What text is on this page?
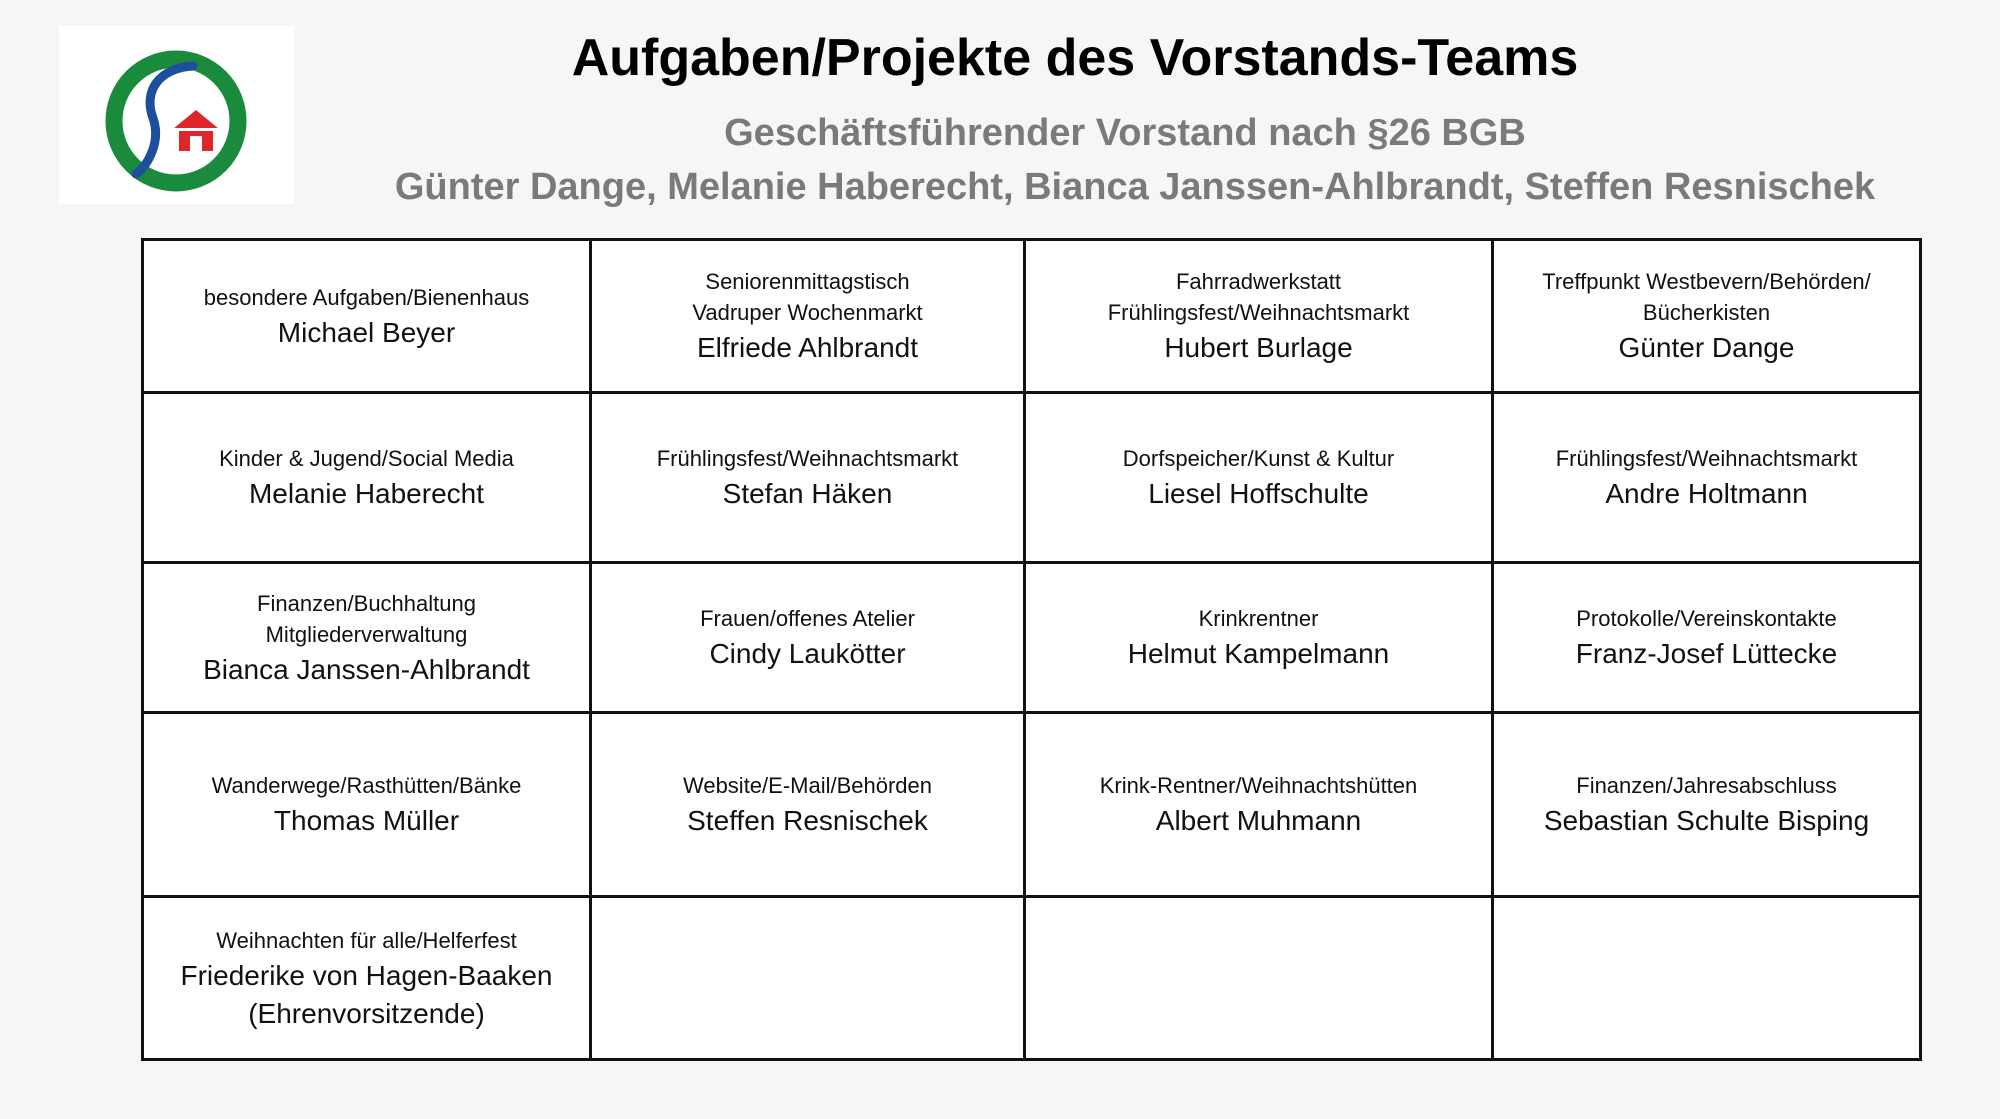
Aufgaben/Projekte des Vorstands-Teams
Geschäftsführender Vorstand nach §26 BGB
Günter Dange, Melanie Haberecht, Bianca Janssen-Ahlbrandt, Steffen Resnischek
besondere Aufgaben/Bienenhaus
Michael Beyer
Seniorenmittagstisch
Vadruper Wochenmarkt
Elfriede Ahlbrandt
Fahrradwerkstatt
Frühlingsfest/Weihnachtsmarkt
Hubert Burlage
Treffpunkt Westbevern/Behörden/
Bücherkisten
Günter Dange
Kinder & Jugend/Social Media
Melanie Haberecht
Frühlingsfest/Weihnachtsmarkt
Stefan Häken
Dorfspeicher/Kunst & Kultur
Liesel Hoffschulte
Frühlingsfest/Weihnachtsmarkt
Andre Holtmann
Finanzen/Buchhaltung
Mitgliederverwaltung
Bianca Janssen-Ahlbrandt
Frauen/offenes Atelier
Cindy Laukötter
Krinkrentner
Helmut Kampelmann
Protokolle/Vereinskontakte
Franz-Josef Lüttecke
Wanderwege/Rasthütten/Bänke
Thomas Müller
Website/E-Mail/Behörden
Steffen Resnischek
Krink-Rentner/Weihnachtshütten
Albert Muhmann
Finanzen/Jahresabschluss
Sebastian Schulte Bisping
Weihnachten für alle/Helferfest
Friederike von Hagen-Baaken
(Ehrenvorsitzende)
